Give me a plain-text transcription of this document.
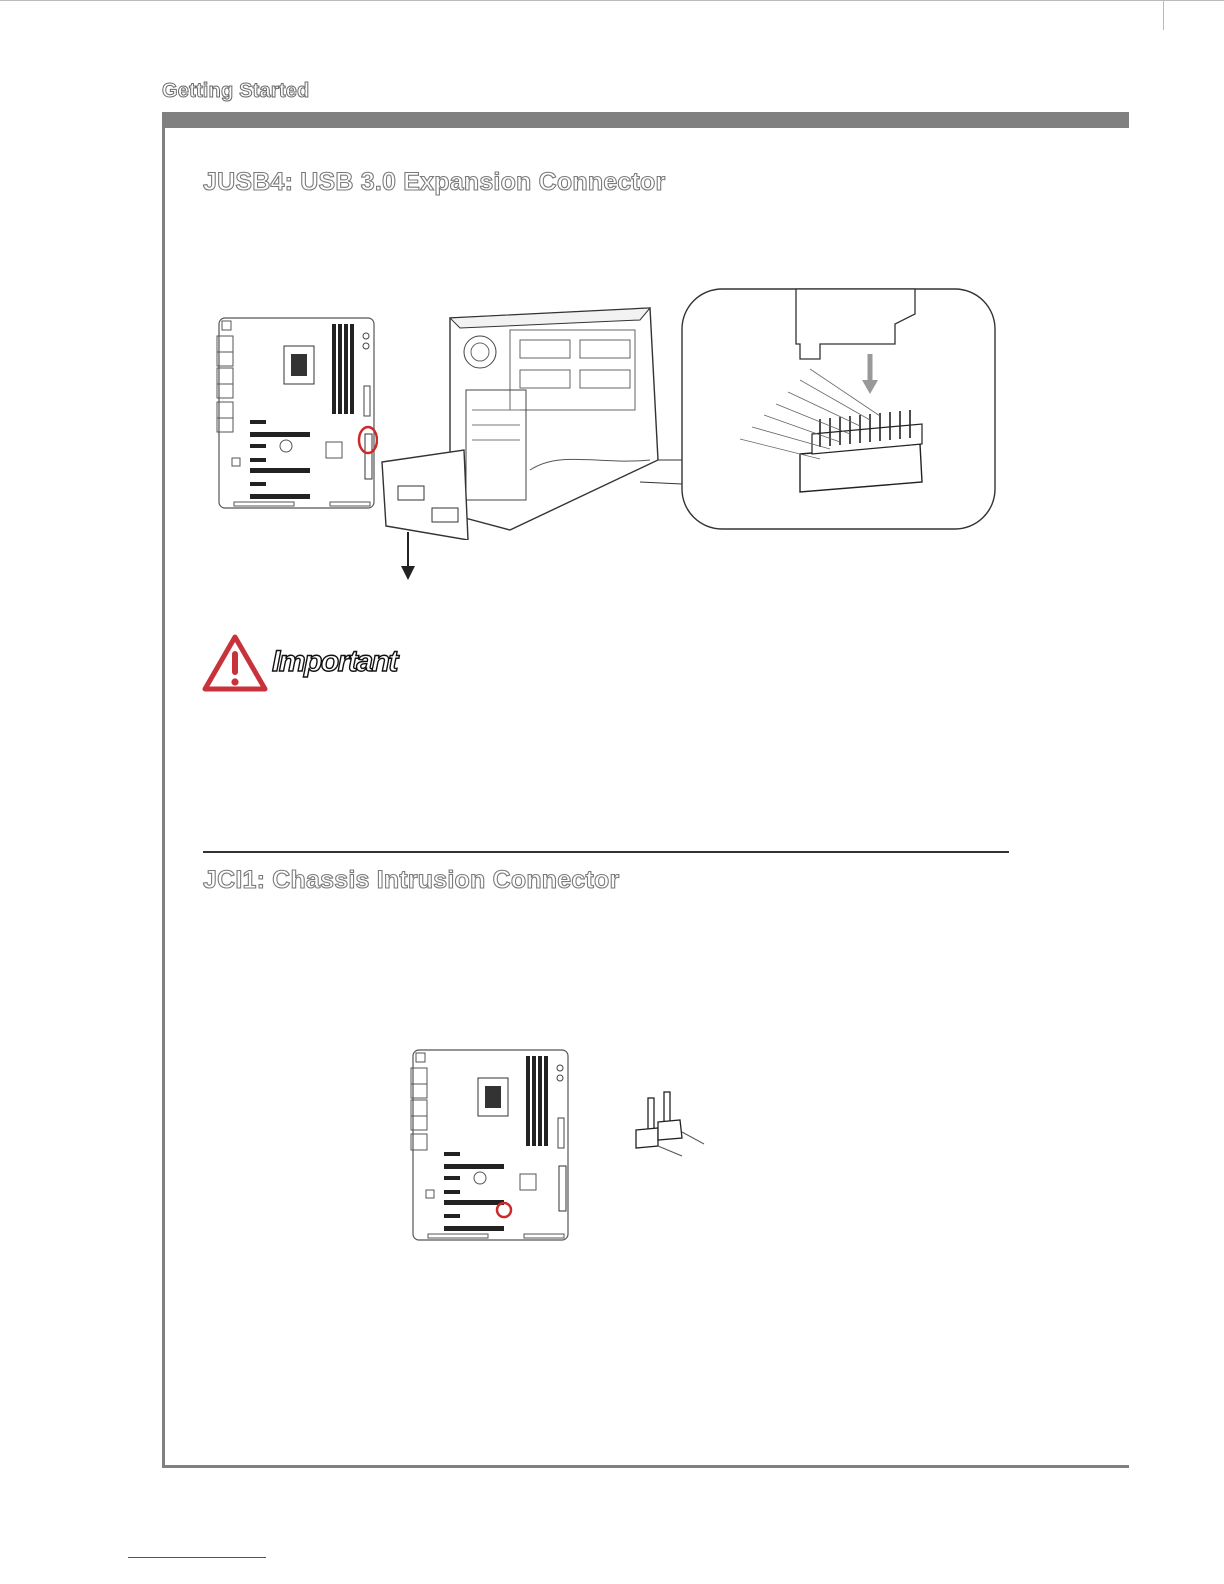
Getting Started
JUSB4: USB 3.0 Expansion Connector
Important
JCI1: Chassis Intrusion Connector
